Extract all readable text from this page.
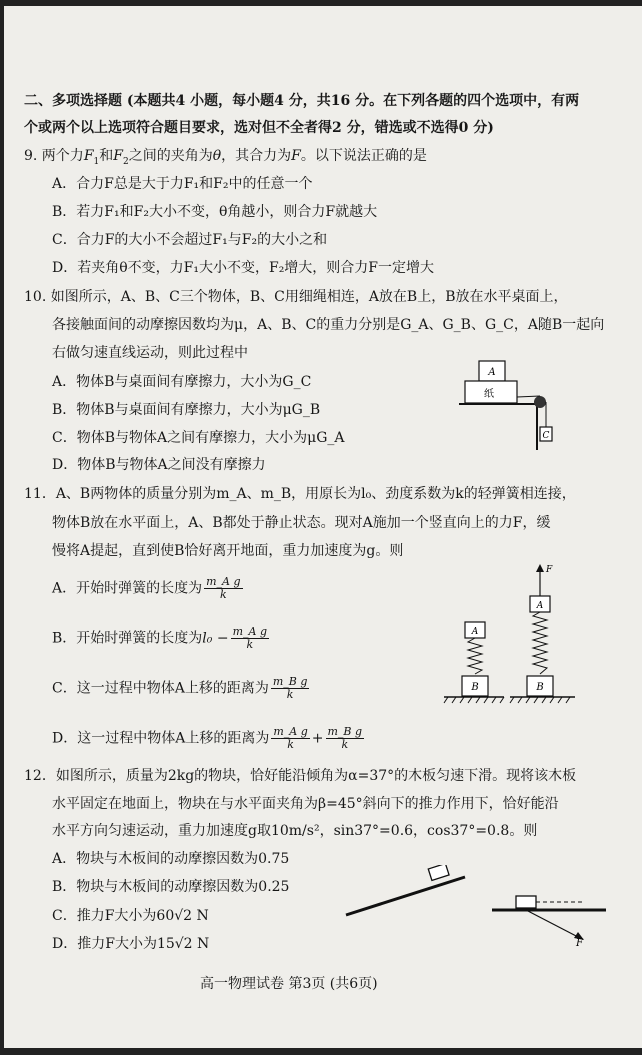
二、多项选择题 (本题共4 小题，每小题4 分，共16 分。在下列各题的四个选项中，有两
个或两个以上选项符合题目要求，选对但不全者得2 分，错选或不选得0 分)
9. 两个力$F_1$和$F_2$之间的夹角为θ，其合力为F。以下说法正确的是
A．合力F总是大于力F₁和F₂中的任意一个
B．若力F₁和F₂大小不变，θ角越小，则合力F就越大
C．合力F的大小不会超过F₁与F₂的大小之和
D．若夹角θ不变，力F₁大小不变，F₂增大，则合力F一定增大
10. 如图所示，A、B、C三个物体，B、C用细绳相连，A放在B上，B放在水平桌面上，
各接触面间的动摩擦因数均为μ，A、B、C的重力分别是G_A、G_B、G_C，A随B一起向
右做匀速直线运动，则此过程中
A．物体B与桌面间有摩擦力，大小为G_C
B．物体B与桌面间有摩擦力，大小为μG_B
C．物体B与物体A之间有摩擦力，大小为μG_A
D．物体B与物体A之间没有摩擦力
A
纸
C
11．A、B两物体的质量分别为m_A、m_B，用原长为l₀、劲度系数为k的轻弹簧相连接，
物体B放在水平面上，A、B都处于静止状态。现对A施加一个竖直向上的力F，缓
慢将A提起，直到使B恰好离开地面，重力加速度为g。则
A．开始时弹簧的长度为 $\frac{\text{m\_A g}}{k}$
B．开始时弹簧的长度为$l_0 - \frac{\text{m\_A g}}{k}$
C．这一过程中物体A上移的距离为 $\frac{\text{m\_B g}}{k}$
D．这一过程中物体A上移的距离为 $\frac{\text{m\_A g}}{k} + \frac{\text{m\_B g}}{k}$
A
B
F
A
B
12．如图所示，质量为2kg的物块，恰好能沿倾角为α=37°的木板匀速下滑。现将该木板
水平固定在地面上，物块在与水平面夹角为β=45°斜向下的推力作用下，恰好能沿
水平方向匀速运动，重力加速度g取10m/s²，sin37°=0.6，cos37°=0.8。则
A．物块与木板间的动摩擦因数为0.75
B．物块与木板间的动摩擦因数为0.25
C．推力F大小为60√2 N
D．推力F大小为15√2 N	F
高一物理试卷 第3页 (共6页)
